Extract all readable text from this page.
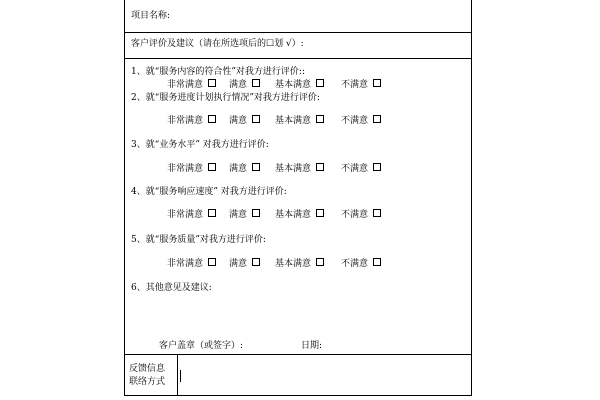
项目名称:
客户评价及建议（请在所选项后的☐划 √）:
1、就“服务内容的符合性”对我方进行评价::
非常满意	满意	基本满意	不满意
2、就“服务进度计划执行情况”对我方进行评价:
非常满意	满意	基本满意	不满意
3、就“业务水平” 对我方进行评价:
非常满意	满意	基本满意	不满意
4、就“服务响应速度” 对我方进行评价:
非常满意	满意	基本满意	不满意
5、就“服务质量”对我方进行评价:
非常满意	满意	基本满意	不满意
6、其他意见及建议:
客户盖章（或签字）:	日期:
反馈信息
联络方式
